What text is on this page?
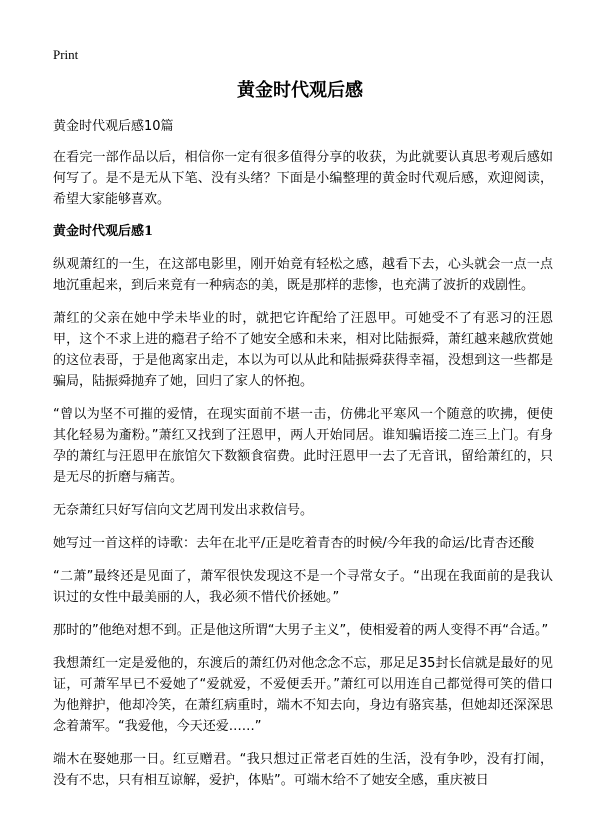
Print
黄金时代观后感
黄金时代观后感10篇

在看完一部作品以后，相信你一定有很多值得分享的收获，为此就要认真思考观后感如何写了。是不是无从下笔、没有头绪？下面是小编整理的黄金时代观后感，欢迎阅读，希望大家能够喜欢。

黄金时代观后感1

纵观萧红的一生，在这部电影里，刚开始竟有轻松之感，越看下去，心头就会一点一点地沉重起来，到后来竟有一种病态的美，既是那样的悲惨，也充满了波折的戏剧性。

萧红的父亲在她中学未毕业的时，就把它许配给了汪恩甲。可她受不了有恶习的汪恩甲，这个不求上进的瘾君子给不了她安全感和未来，相对比陆振舜，萧红越来越欣赏她的这位表哥，于是他离家出走，本以为可以从此和陆振舜获得幸福，没想到这一些都是骗局，陆振舜抛弃了她，回归了家人的怀抱。

“曾以为坚不可摧的爱情，在现实面前不堪一击，仿佛北平寒风一个随意的吹拂，便使其化轻易为齑粉。”萧红又找到了汪恩甲，两人开始同居。谁知骗语接二连三上门。有身孕的萧红与汪恩甲在旅馆欠下数额食宿费。此时汪恩甲一去了无音讯，留给萧红的，只是无尽的折磨与痛苦。

无奈萧红只好写信向文艺周刊发出求救信号。

她写过一首这样的诗歌：去年在北平/正是吃着青杏的时候/今年我的命运/比青杏还酸

“二萧”最终还是见面了，萧军很快发现这不是一个寻常女子。“出现在我面前的是我认识过的女性中最美丽的人，我必须不惜代价拯她。”

那时的”他绝对想不到。正是他这所谓“大男子主义”，使相爱着的两人变得不再“合适。”

我想萧红一定是爱他的，东渡后的萧红仍对他念念不忘，那足足35封长信就是最好的见证，可萧军早已不爱她了“爱就爱，不爱便丢开。”萧红可以用连自己都觉得可笑的借口为他辩护，他却冷笑，在萧红病重时，端木不知去向，身边有骆宾基，但她却还深深思念着萧军。“我爱他，今天还爱……”

端木在娶她那一日。红豆赠君。“我只想过正常老百姓的生活，没有争吵，没有打闹，没有不忠，只有相互谅解，爱护，体贴”。可端木给不了她安全感，重庆被日
